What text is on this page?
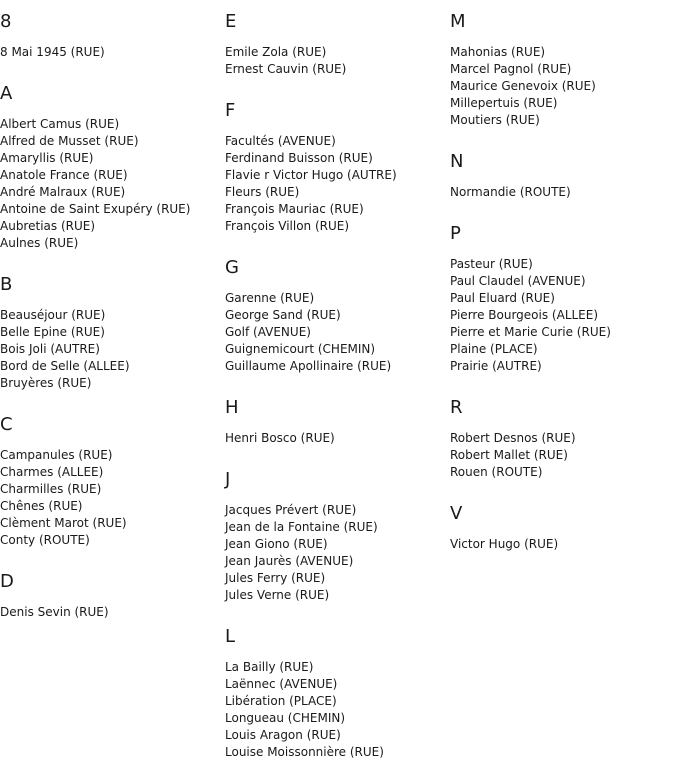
8
8 Mai 1945 (RUE)
A
Albert Camus (RUE)
Alfred de Musset (RUE)
Amaryllis (RUE)
Anatole France (RUE)
André Malraux (RUE)
Antoine de Saint Exupéry (RUE)
Aubretias (RUE)
Aulnes (RUE)
B
Beauséjour (RUE)
Belle Epine (RUE)
Bois Joli (AUTRE)
Bord de Selle (ALLEE)
Bruyères (RUE)
C
Campanules (RUE)
Charmes (ALLEE)
Charmilles (RUE)
Chênes (RUE)
Clèment Marot (RUE)
Conty (ROUTE)
D
Denis Sevin (RUE)
E
Emile Zola (RUE)
Ernest Cauvin (RUE)
F
Facultés (AVENUE)
Ferdinand Buisson (RUE)
Flavie r Victor Hugo (AUTRE)
Fleurs (RUE)
François Mauriac (RUE)
François Villon (RUE)
G
Garenne (RUE)
George Sand (RUE)
Golf (AVENUE)
Guignemicourt (CHEMIN)
Guillaume Apollinaire (RUE)
H
Henri Bosco (RUE)
J
Jacques Prévert (RUE)
Jean de la Fontaine (RUE)
Jean Giono (RUE)
Jean Jaurès (AVENUE)
Jules Ferry (RUE)
Jules Verne (RUE)
L
La Bailly (RUE)
Laënnec (AVENUE)
Libération (PLACE)
Longueau (CHEMIN)
Louis Aragon (RUE)
Louise Moissonnière (RUE)
M
Mahonias (RUE)
Marcel Pagnol (RUE)
Maurice Genevoix (RUE)
Millepertuis (RUE)
Moutiers (RUE)
N
Normandie (ROUTE)
P
Pasteur (RUE)
Paul Claudel (AVENUE)
Paul Eluard (RUE)
Pierre Bourgeois (ALLEE)
Pierre et Marie Curie (RUE)
Plaine (PLACE)
Prairie (AUTRE)
R
Robert Desnos (RUE)
Robert Mallet (RUE)
Rouen (ROUTE)
V
Victor Hugo (RUE)
